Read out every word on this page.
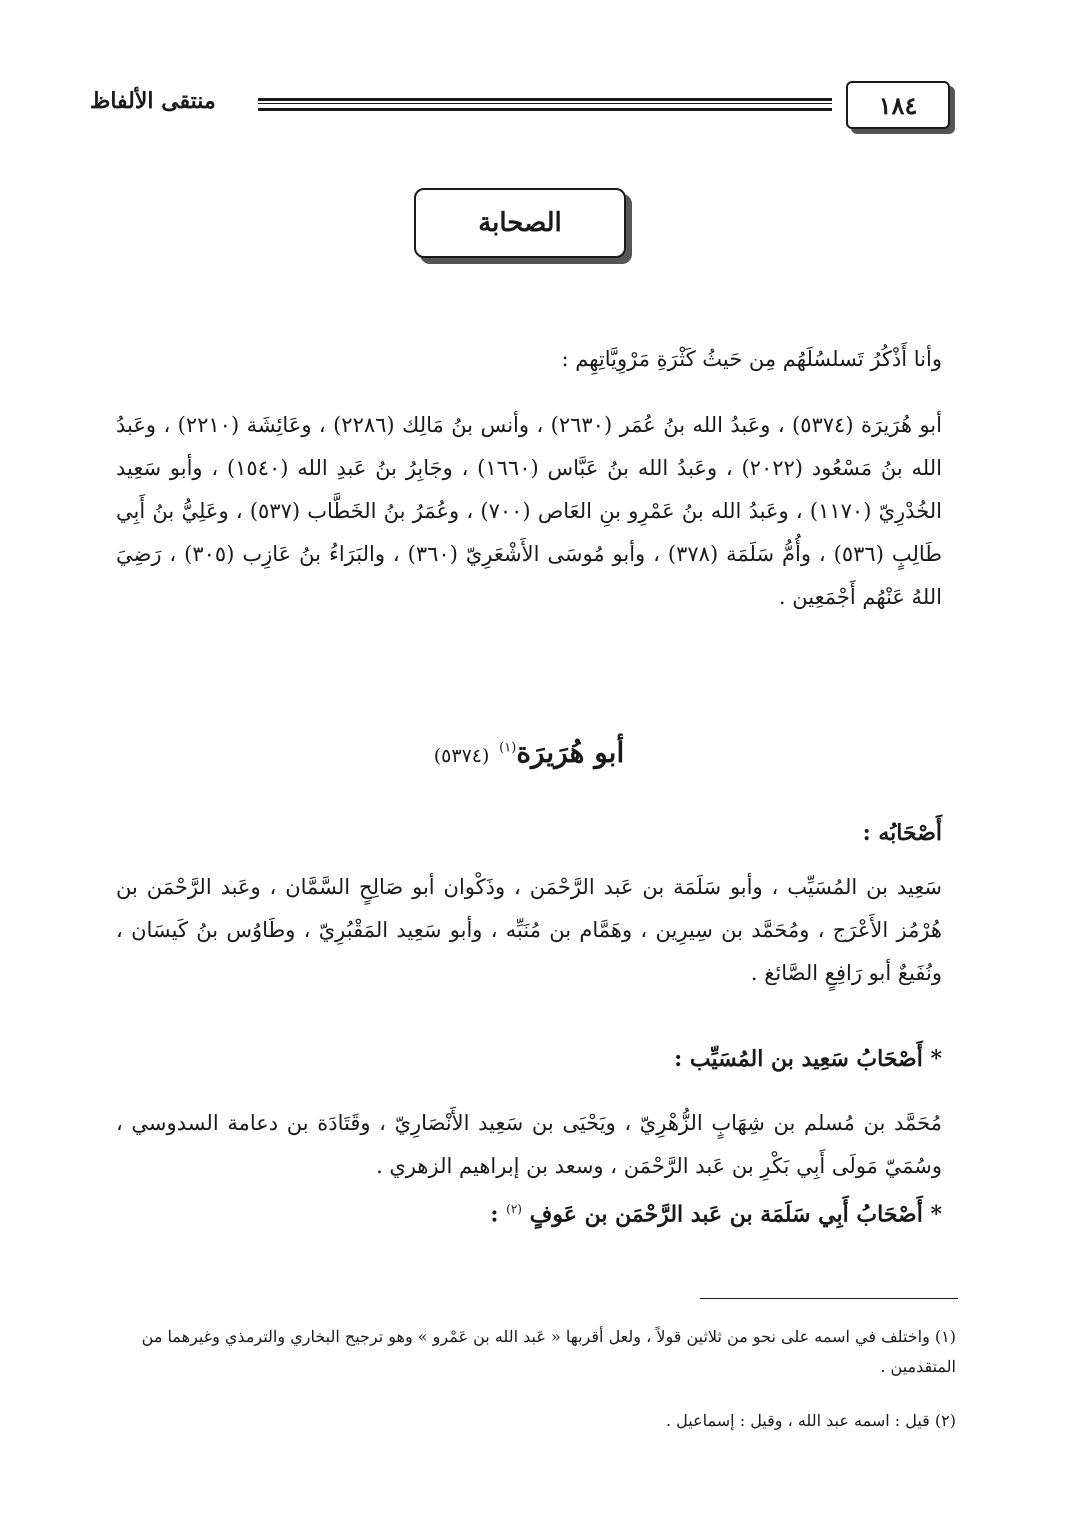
١٨٤
منتقى الألفاظ
الصحابة
وأنا أَذْكُرُ تَسلسُلَهُم مِن حَيثُ كَثْرَةِ مَرْوِيَّاتِهِم :
أبو هُرَيرَة (٥٣٧٤) ، وعَبدُ الله بنُ عُمَر (٢٦٣٠) ، وأنس بنُ مَالِك (٢٢٨٦) ، وعَائِشَة (٢٢١٠) ، وعَبدُ الله بنُ مَسْعُود (٢٠٢٢) ، وعَبدُ الله بنُ عَبَّاس (١٦٦٠) ، وجَابِرُ بنُ عَبدِ الله (١٥٤٠) ، وأبو سَعِيد الخُدْرِيّ (١١٧٠) ، وعَبدُ الله بنُ عَمْرِو بنِ العَاص (٧٠٠) ، وعُمَرُ بنُ الخَطَّاب (٥٣٧) ، وعَلِيُّ بنُ أَبِي طَالِبٍ (٥٣٦) ، وأُمُّ سَلَمَة (٣٧٨) ، وأبو مُوسَى الأَشْعَرِيّ (٣٦٠) ، والبَرَاءُ بنُ عَازِب (٣٠٥) ، رَضِيَ اللهُ عَنْهُم أَجْمَعِين .
أبو هُرَيرَة$^{(١)}$ (٥٣٧٤)
أَصْحَابُه :
سَعِيد بن المُسَيِّب ، وأبو سَلَمَة بن عَبد الرَّحْمَن ، وذَكْوان أبو صَالِحٍ السَّمَّان ، وعَبد الرَّحْمَن بن هُرْمُز الأَعْرَج ، ومُحَمَّد بن سِيرِين ، وهَمَّام بن مُنَبِّه ، وأبو سَعِيد المَقْبُرِيّ ، وطَاوُس بنُ كَيسَان ، ونُفَيعٌ أبو رَافِعٍ الصَّائغ .
* أَصْحَابُ سَعِيد بن المُسَيِّب :
مُحَمَّد بن مُسلم بن شِهَابٍ الزُّهْرِيّ ، ويَحْيَى بن سَعِيد الأَنْصَارِيّ ، وقَتَادَة بن دعامة السدوسي ، وسُمَيّ مَولَى أَبِي بَكْرِ بن عَبد الرَّحْمَن ، وسعد بن إبراهيم الزهري .
* أَصْحَابُ أَبِي سَلَمَة بن عَبد الرَّحْمَن بن عَوفٍ $^{(٢)}$ :
(١) واختلف في اسمه على نحو من ثلاثين قولاً ، ولعل أقربها « عَبد الله بن عَمْرو » وهو ترجيح البخاري والترمذي وغيرهما من المتقدمين .
(٢) قيل : اسمه عبد الله ، وقيل : إسماعيل .
